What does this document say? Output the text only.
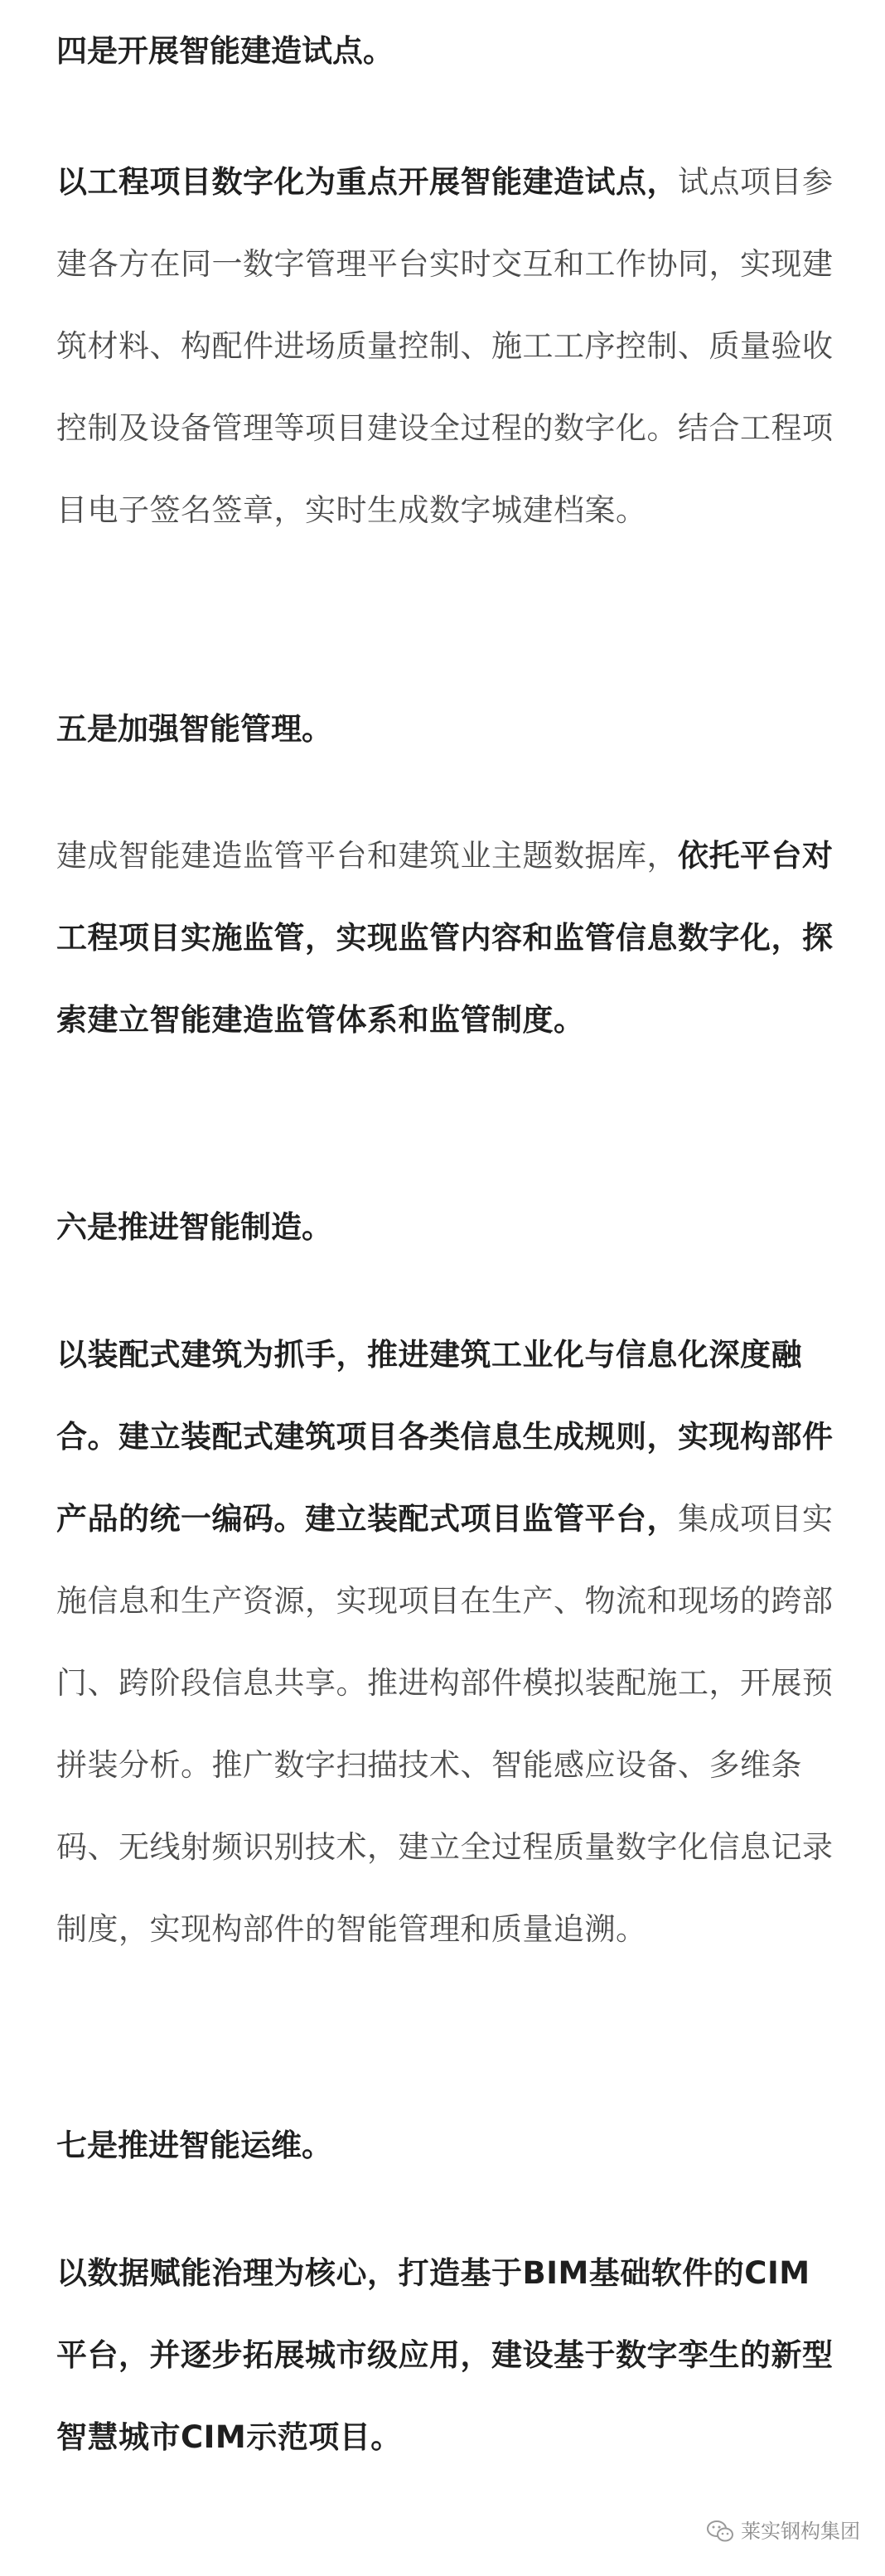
四是开展智能建造试点。

以工程项目数字化为重点开展智能建造试点，试点项目参建各方在同一数字管理平台实时交互和工作协同，实现建筑材料、构配件进场质量控制、施工工序控制、质量验收控制及设备管理等项目建设全过程的数字化。结合工程项目电子签名签章，实时生成数字城建档案。

五是加强智能管理。

建成智能建造监管平台和建筑业主题数据库，依托平台对工程项目实施监管，实现监管内容和监管信息数字化，探索建立智能建造监管体系和监管制度。

六是推进智能制造。

以装配式建筑为抓手，推进建筑工业化与信息化深度融合。建立装配式建筑项目各类信息生成规则，实现构部件产品的统一编码。建立装配式项目监管平台，集成项目实施信息和生产资源，实现项目在生产、物流和现场的跨部门、跨阶段信息共享。推进构部件模拟装配施工，开展预拼装分析。推广数字扫描技术、智能感应设备、多维条码、无线射频识别技术，建立全过程质量数字化信息记录制度，实现构部件的智能管理和质量追溯。

七是推进智能运维。

以数据赋能治理为核心，打造基于BIM基础软件的CIM平台，并逐步拓展城市级应用，建设基于数字孪生的新型智慧城市CIM示范项目。

莱实钢构集团
